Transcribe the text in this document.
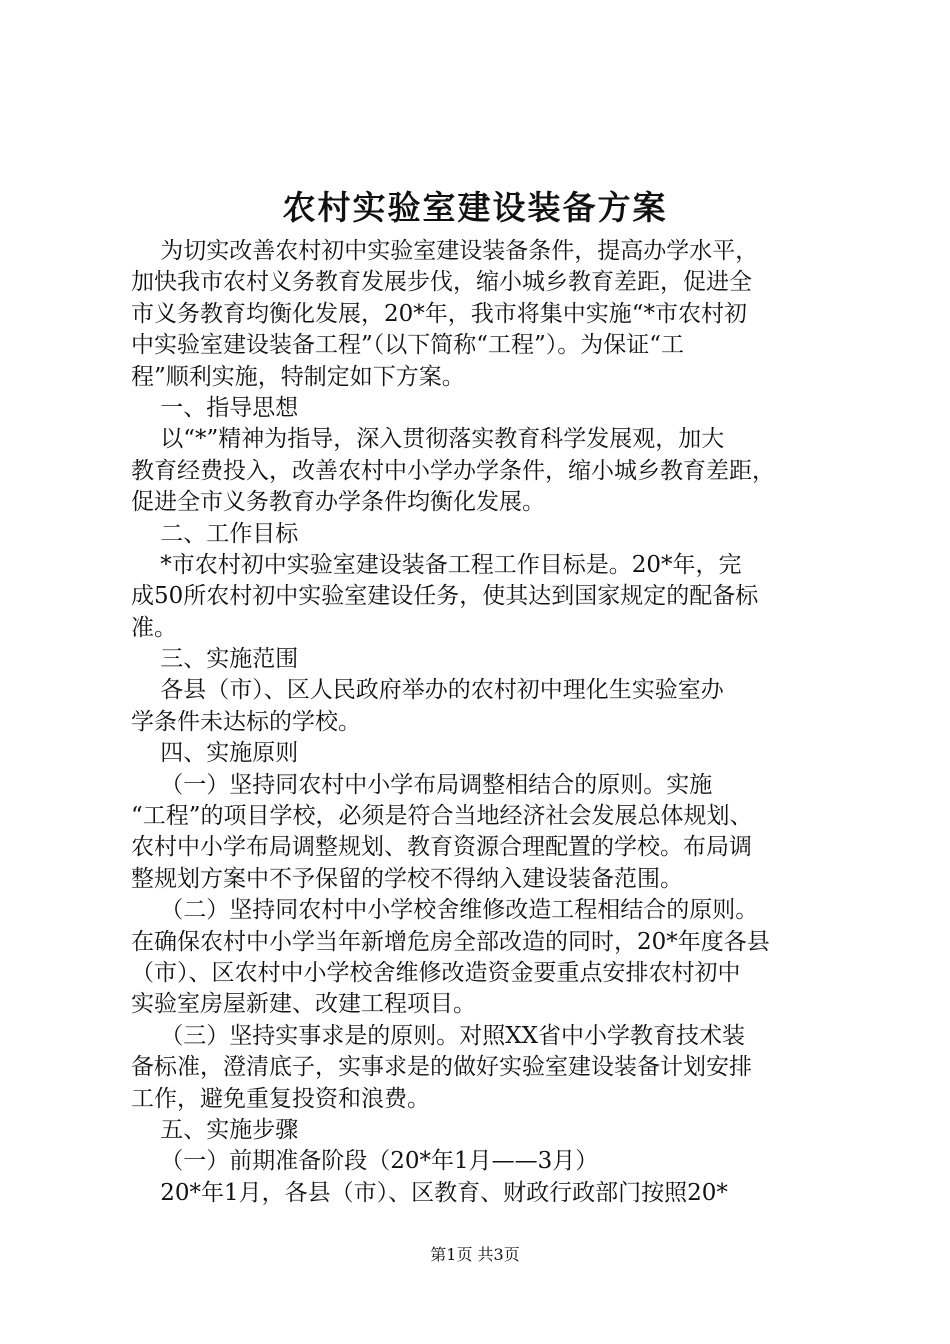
农村实验室建设装备方案
为切实改善农村初中实验室建设装备条件，提高办学水平，
加快我市农村义务教育发展步伐，缩小城乡教育差距，促进全
市义务教育均衡化发展，20*年，我市将集中实施“*市农村初
中实验室建设装备工程”（以下简称“工程”）。为保证“工
程”顺利实施，特制定如下方案。
一、指导思想
以“*”精神为指导，深入贯彻落实教育科学发展观，加大
教育经费投入，改善农村中小学办学条件，缩小城乡教育差距，
促进全市义务教育办学条件均衡化发展。
二、工作目标
*市农村初中实验室建设装备工程工作目标是。20*年，完
成50所农村初中实验室建设任务，使其达到国家规定的配备标
准。
三、实施范围
各县（市）、区人民政府举办的农村初中理化生实验室办
学条件未达标的学校。
四、实施原则
（一）坚持同农村中小学布局调整相结合的原则。实施
“工程”的项目学校，必须是符合当地经济社会发展总体规划、
农村中小学布局调整规划、教育资源合理配置的学校。布局调
整规划方案中不予保留的学校不得纳入建设装备范围。
（二）坚持同农村中小学校舍维修改造工程相结合的原则。
在确保农村中小学当年新增危房全部改造的同时，20*年度各县
（市）、区农村中小学校舍维修改造资金要重点安排农村初中
实验室房屋新建、改建工程项目。
（三）坚持实事求是的原则。对照XX省中小学教育技术装
备标准，澄清底子，实事求是的做好实验室建设装备计划安排
工作，避免重复投资和浪费。
五、实施步骤
（一）前期准备阶段（20*年1月——3月）
20*年1月，各县（市）、区教育、财政行政部门按照20*
第1页 共3页
